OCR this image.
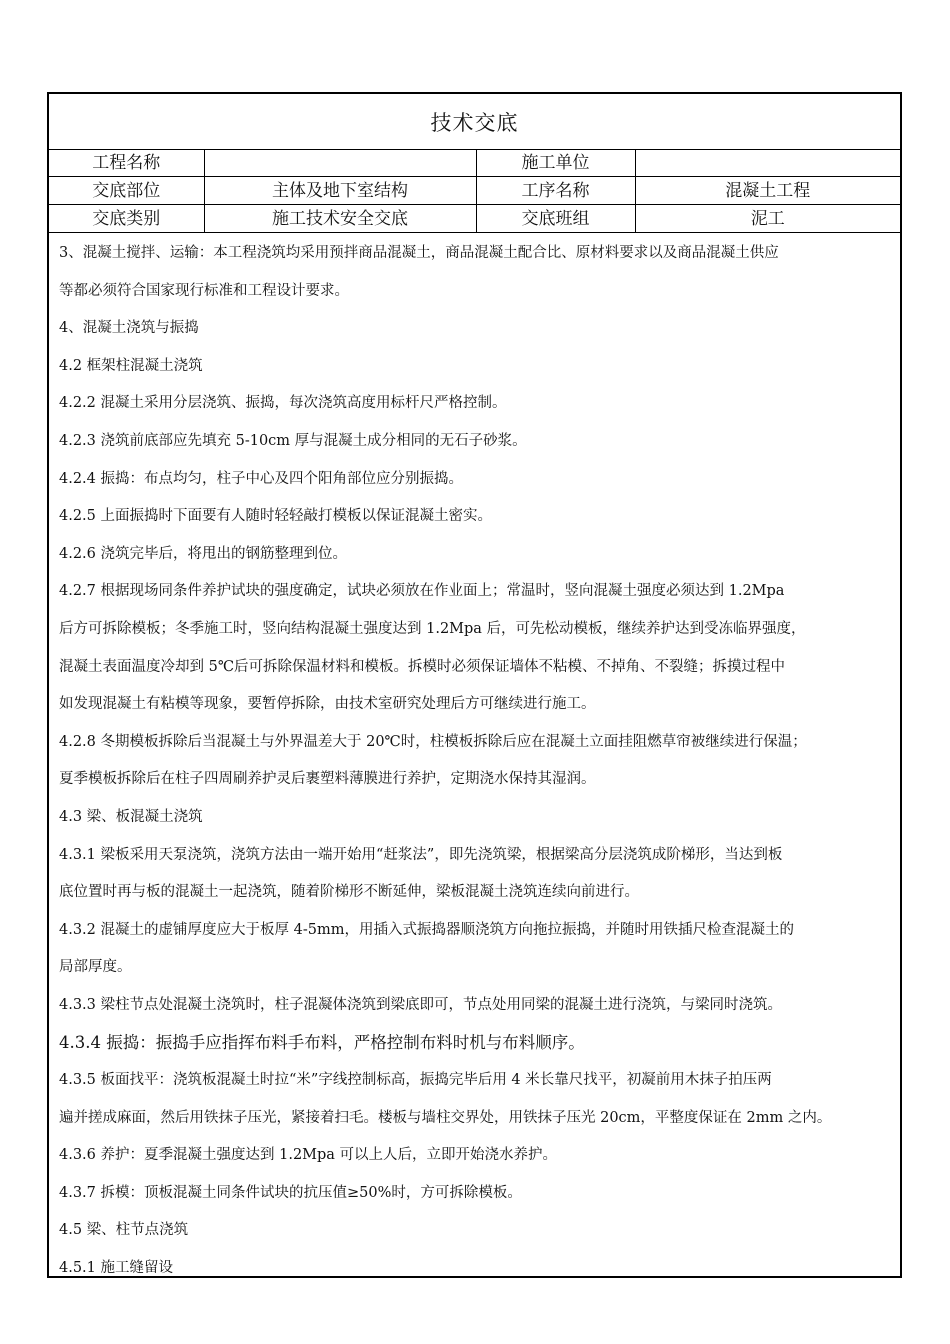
技术交底
工程名称		施工单位	
交底部位	主体及地下室结构	工序名称	混凝土工程
交底类别	施工技术安全交底	交底班组	泥工

3、混凝土搅拌、运输：本工程浇筑均采用预拌商品混凝土，商品混凝土配合比、原材料要求以及商品混凝土供应

等都必须符合国家现行标准和工程设计要求。

4、混凝土浇筑与振捣

4.2 框架柱混凝土浇筑

4.2.2 混凝土采用分层浇筑、振捣，每次浇筑高度用标杆尺严格控制。

4.2.3 浇筑前底部应先填充 5-10cm 厚与混凝土成分相同的无石子砂浆。

4.2.4 振捣：布点均匀，柱子中心及四个阳角部位应分别振捣。

4.2.5 上面振捣时下面要有人随时轻轻敲打模板以保证混凝土密实。

4.2.6 浇筑完毕后，将甩出的钢筋整理到位。

4.2.7 根据现场同条件养护试块的强度确定，试块必须放在作业面上；常温时，竖向混凝土强度必须达到 1.2Mpa

后方可拆除模板；冬季施工时，竖向结构混凝土强度达到 1.2Mpa 后，可先松动模板，继续养护达到受冻临界强度，

混凝土表面温度冷却到 5℃后可拆除保温材料和模板。拆模时必须保证墙体不粘模、不掉角、不裂缝；拆摸过程中

如发现混凝土有粘模等现象，要暂停拆除，由技术室研究处理后方可继续进行施工。

4.2.8 冬期模板拆除后当混凝土与外界温差大于 20℃时，柱模板拆除后应在混凝土立面挂阻燃草帘被继续进行保温；

夏季模板拆除后在柱子四周刷养护灵后裹塑料薄膜进行养护，定期浇水保持其湿润。

4.3 梁、板混凝土浇筑

4.3.1 梁板采用天泵浇筑，浇筑方法由一端开始用“赶浆法”，即先浇筑梁，根据梁高分层浇筑成阶梯形，当达到板

底位置时再与板的混凝土一起浇筑，随着阶梯形不断延伸，梁板混凝土浇筑连续向前进行。

4.3.2 混凝土的虚铺厚度应大于板厚 4-5mm，用插入式振捣器顺浇筑方向拖拉振捣，并随时用铁插尺检查混凝土的

局部厚度。

4.3.3 梁柱节点处混凝土浇筑时，柱子混凝体浇筑到梁底即可，节点处用同梁的混凝土进行浇筑，与梁同时浇筑。

4.3.4 振捣：振捣手应指挥布料手布料，严格控制布料时机与布料顺序。

4.3.5 板面找平：浇筑板混凝土时拉“米”字线控制标高，振捣完毕后用 4 米长靠尺找平，初凝前用木抹子拍压两

遍并搓成麻面，然后用铁抹子压光，紧接着扫毛。楼板与墙柱交界处，用铁抹子压光 20cm，平整度保证在 2mm 之内。

4.3.6 养护：夏季混凝土强度达到 1.2Mpa 可以上人后，立即开始浇水养护。

4.3.7 拆模：顶板混凝土同条件试块的抗压值≥50%时，方可拆除模板。

4.5 梁、柱节点浇筑

4.5.1 施工缝留设
